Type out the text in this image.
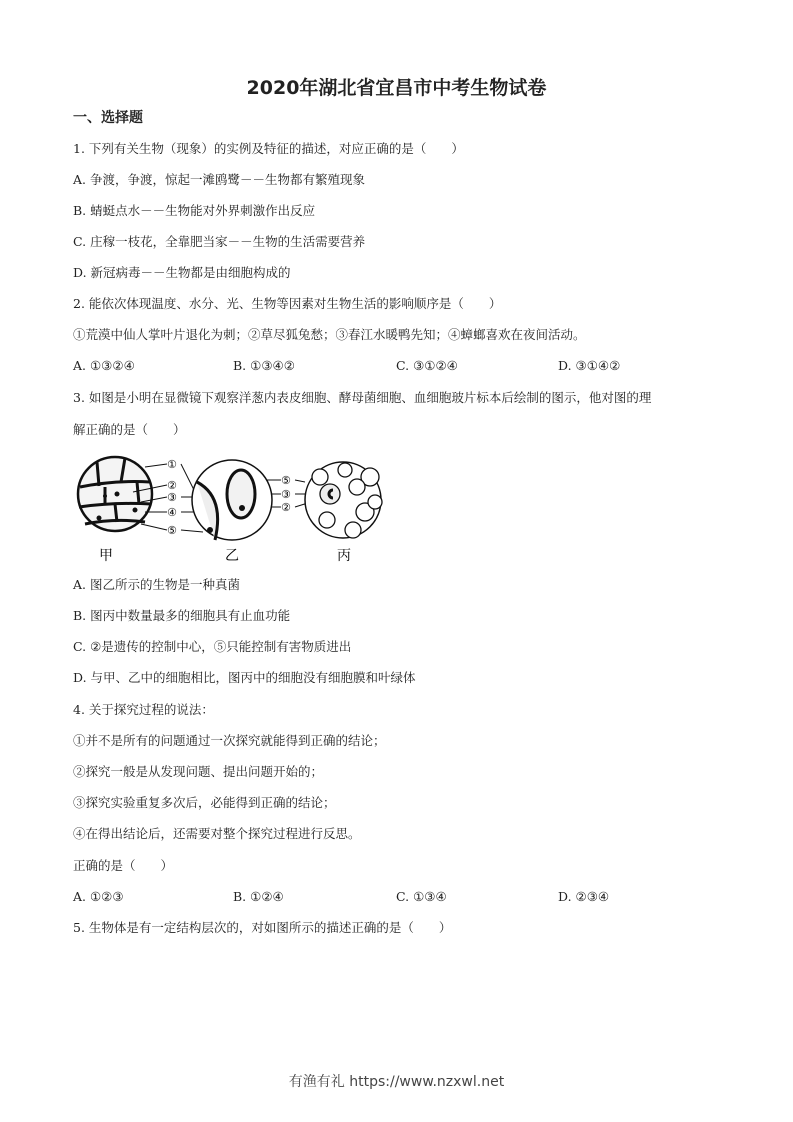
2020年湖北省宜昌市中考生物试卷
一、选择题
1. 下列有关生物（现象）的实例及特征的描述，对应正确的是（　　）
A. 争渡，争渡，惊起一滩鸥鹭－－生物都有繁殖现象
B. 蜻蜓点水－－生物能对外界刺激作出反应
C. 庄稼一枝花，全靠肥当家－－生物的生活需要营养
D. 新冠病毒－－生物都是由细胞构成的
2. 能依次体现温度、水分、光、生物等因素对生物生活的影响顺序是（　　）
①荒漠中仙人掌叶片退化为刺；②草尽狐兔愁；③春江水暖鸭先知；④蟑螂喜欢在夜间活动。
A. ①③②④	B. ①③④②	C. ③①②④	D. ③①④②
3. 如图是小明在显微镜下观察洋葱内表皮细胞、酵母菌细胞、血细胞玻片标本后绘制的图示，他对图的理
解正确的是（　　）
①
②
③
④
⑤
⑤
③
②
甲	乙	丙
A. 图乙所示的生物是一种真菌
B. 图丙中数量最多的细胞具有止血功能
C. ②是遗传的控制中心，⑤只能控制有害物质进出
D. 与甲、乙中的细胞相比，图丙中的细胞没有细胞膜和叶绿体
4. 关于探究过程的说法：
①并不是所有的问题通过一次探究就能得到正确的结论；
②探究一般是从发现问题、提出问题开始的；
③探究实验重复多次后，必能得到正确的结论；
④在得出结论后，还需要对整个探究过程进行反思。
正确的是（　　）
A. ①②③	B. ①②④	C. ①③④	D. ②③④
5. 生物体是有一定结构层次的，对如图所示的描述正确的是（　　）
有渔有礼 https://www.nzxwl.net
